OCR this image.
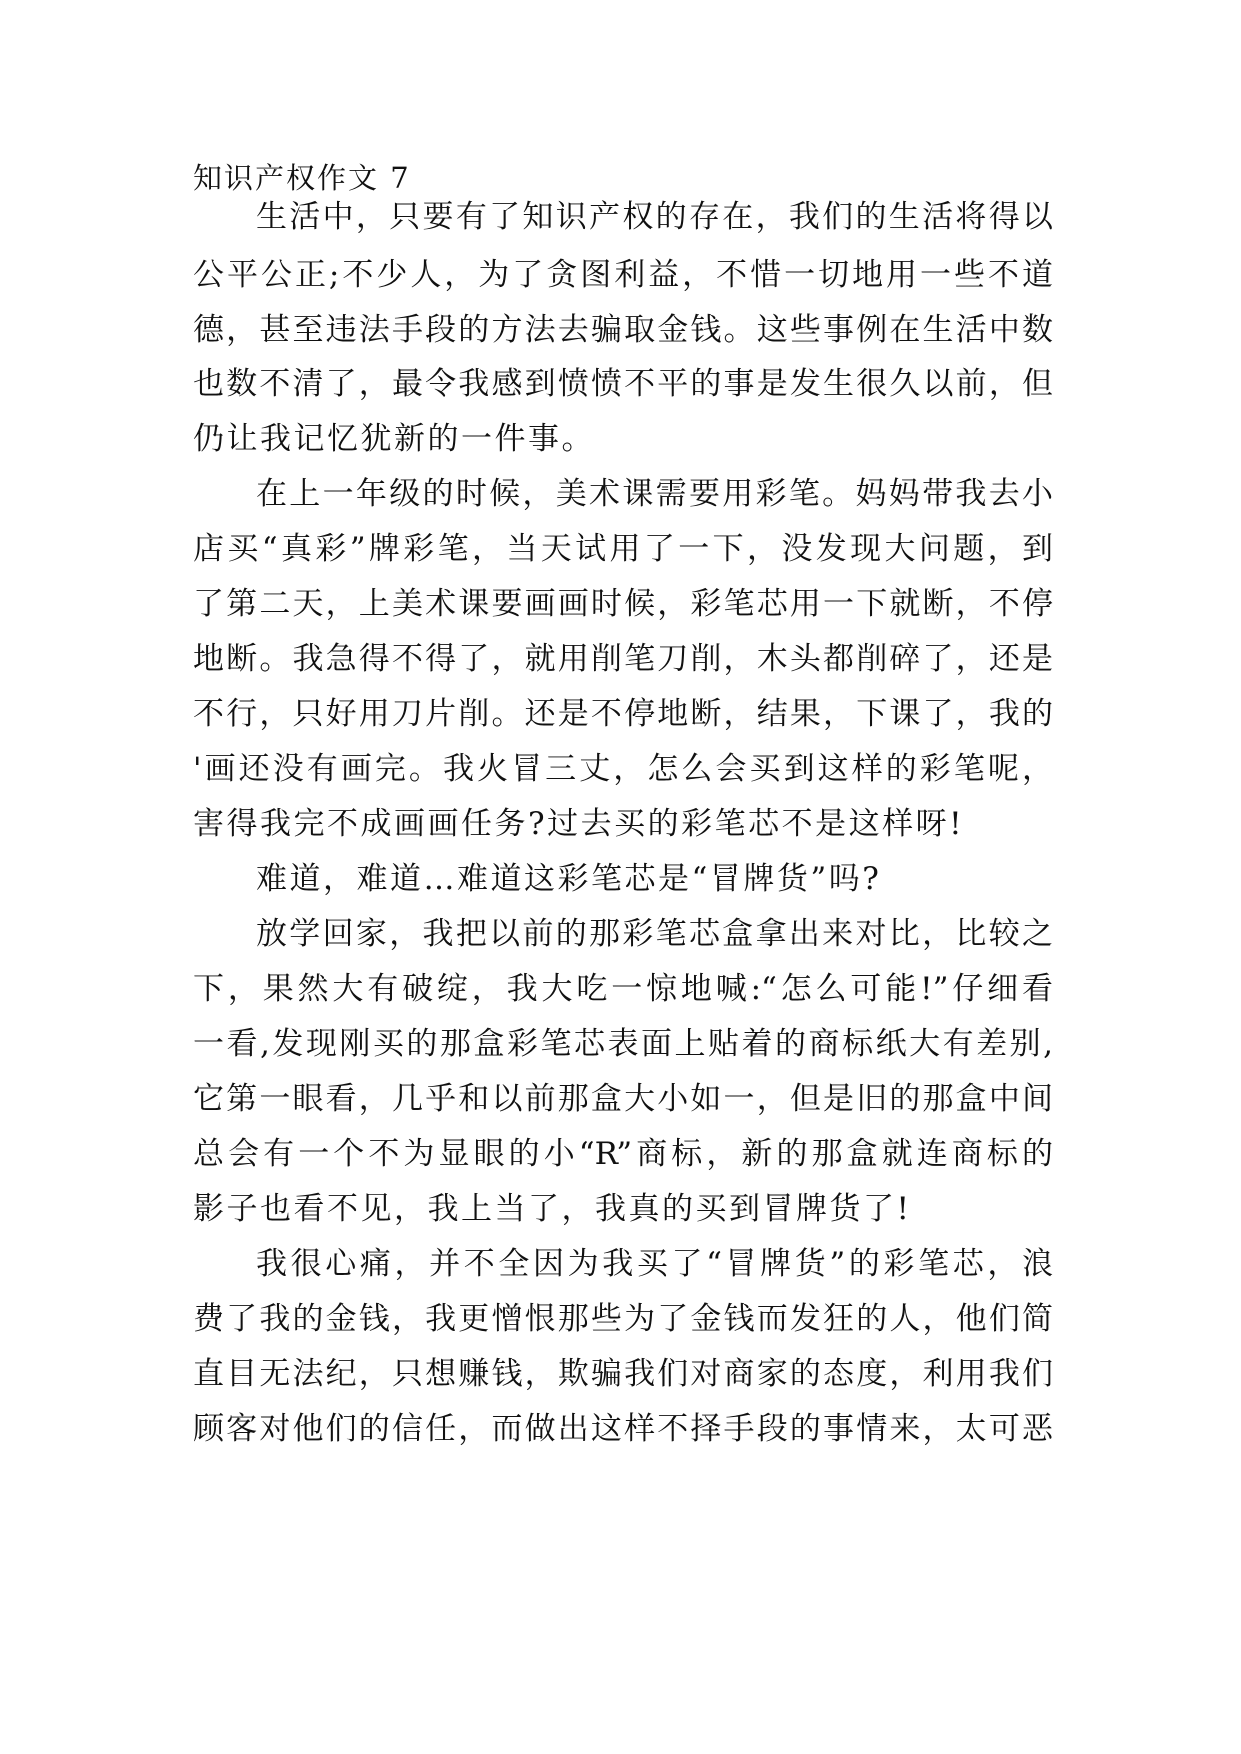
知识产权作文 7
生活中，只要有了知识产权的存在，我们的生活将得以
公平公正;不少人，为了贪图利益，不惜一切地用一些不道
德，甚至违法手段的方法去骗取金钱。这些事例在生活中数
也数不清了，最令我感到愤愤不平的事是发生很久以前，但
仍让我记忆犹新的一件事。
在上一年级的时候，美术课需要用彩笔。妈妈带我去小
店买“真彩”牌彩笔，当天试用了一下，没发现大问题，到
了第二天，上美术课要画画时候，彩笔芯用一下就断，不停
地断。我急得不得了，就用削笔刀削，木头都削碎了，还是
不行，只好用刀片削。还是不停地断，结果，下课了，我的
'画还没有画完。我火冒三丈，怎么会买到这样的彩笔呢，
害得我完不成画画任务?过去买的彩笔芯不是这样呀!
难道，难道…难道这彩笔芯是“冒牌货”吗?
放学回家，我把以前的那彩笔芯盒拿出来对比，比较之
下，果然大有破绽，我大吃一惊地喊:“怎么可能!”仔细看
一看,发现刚买的那盒彩笔芯表面上贴着的商标纸大有差别,
它第一眼看，几乎和以前那盒大小如一，但是旧的那盒中间
总会有一个不为显眼的小“R”商标，新的那盒就连商标的
影子也看不见，我上当了，我真的买到冒牌货了!
我很心痛，并不全因为我买了“冒牌货”的彩笔芯，浪
费了我的金钱，我更憎恨那些为了金钱而发狂的人，他们简
直目无法纪，只想赚钱，欺骗我们对商家的态度，利用我们
顾客对他们的信任，而做出这样不择手段的事情来，太可恶
